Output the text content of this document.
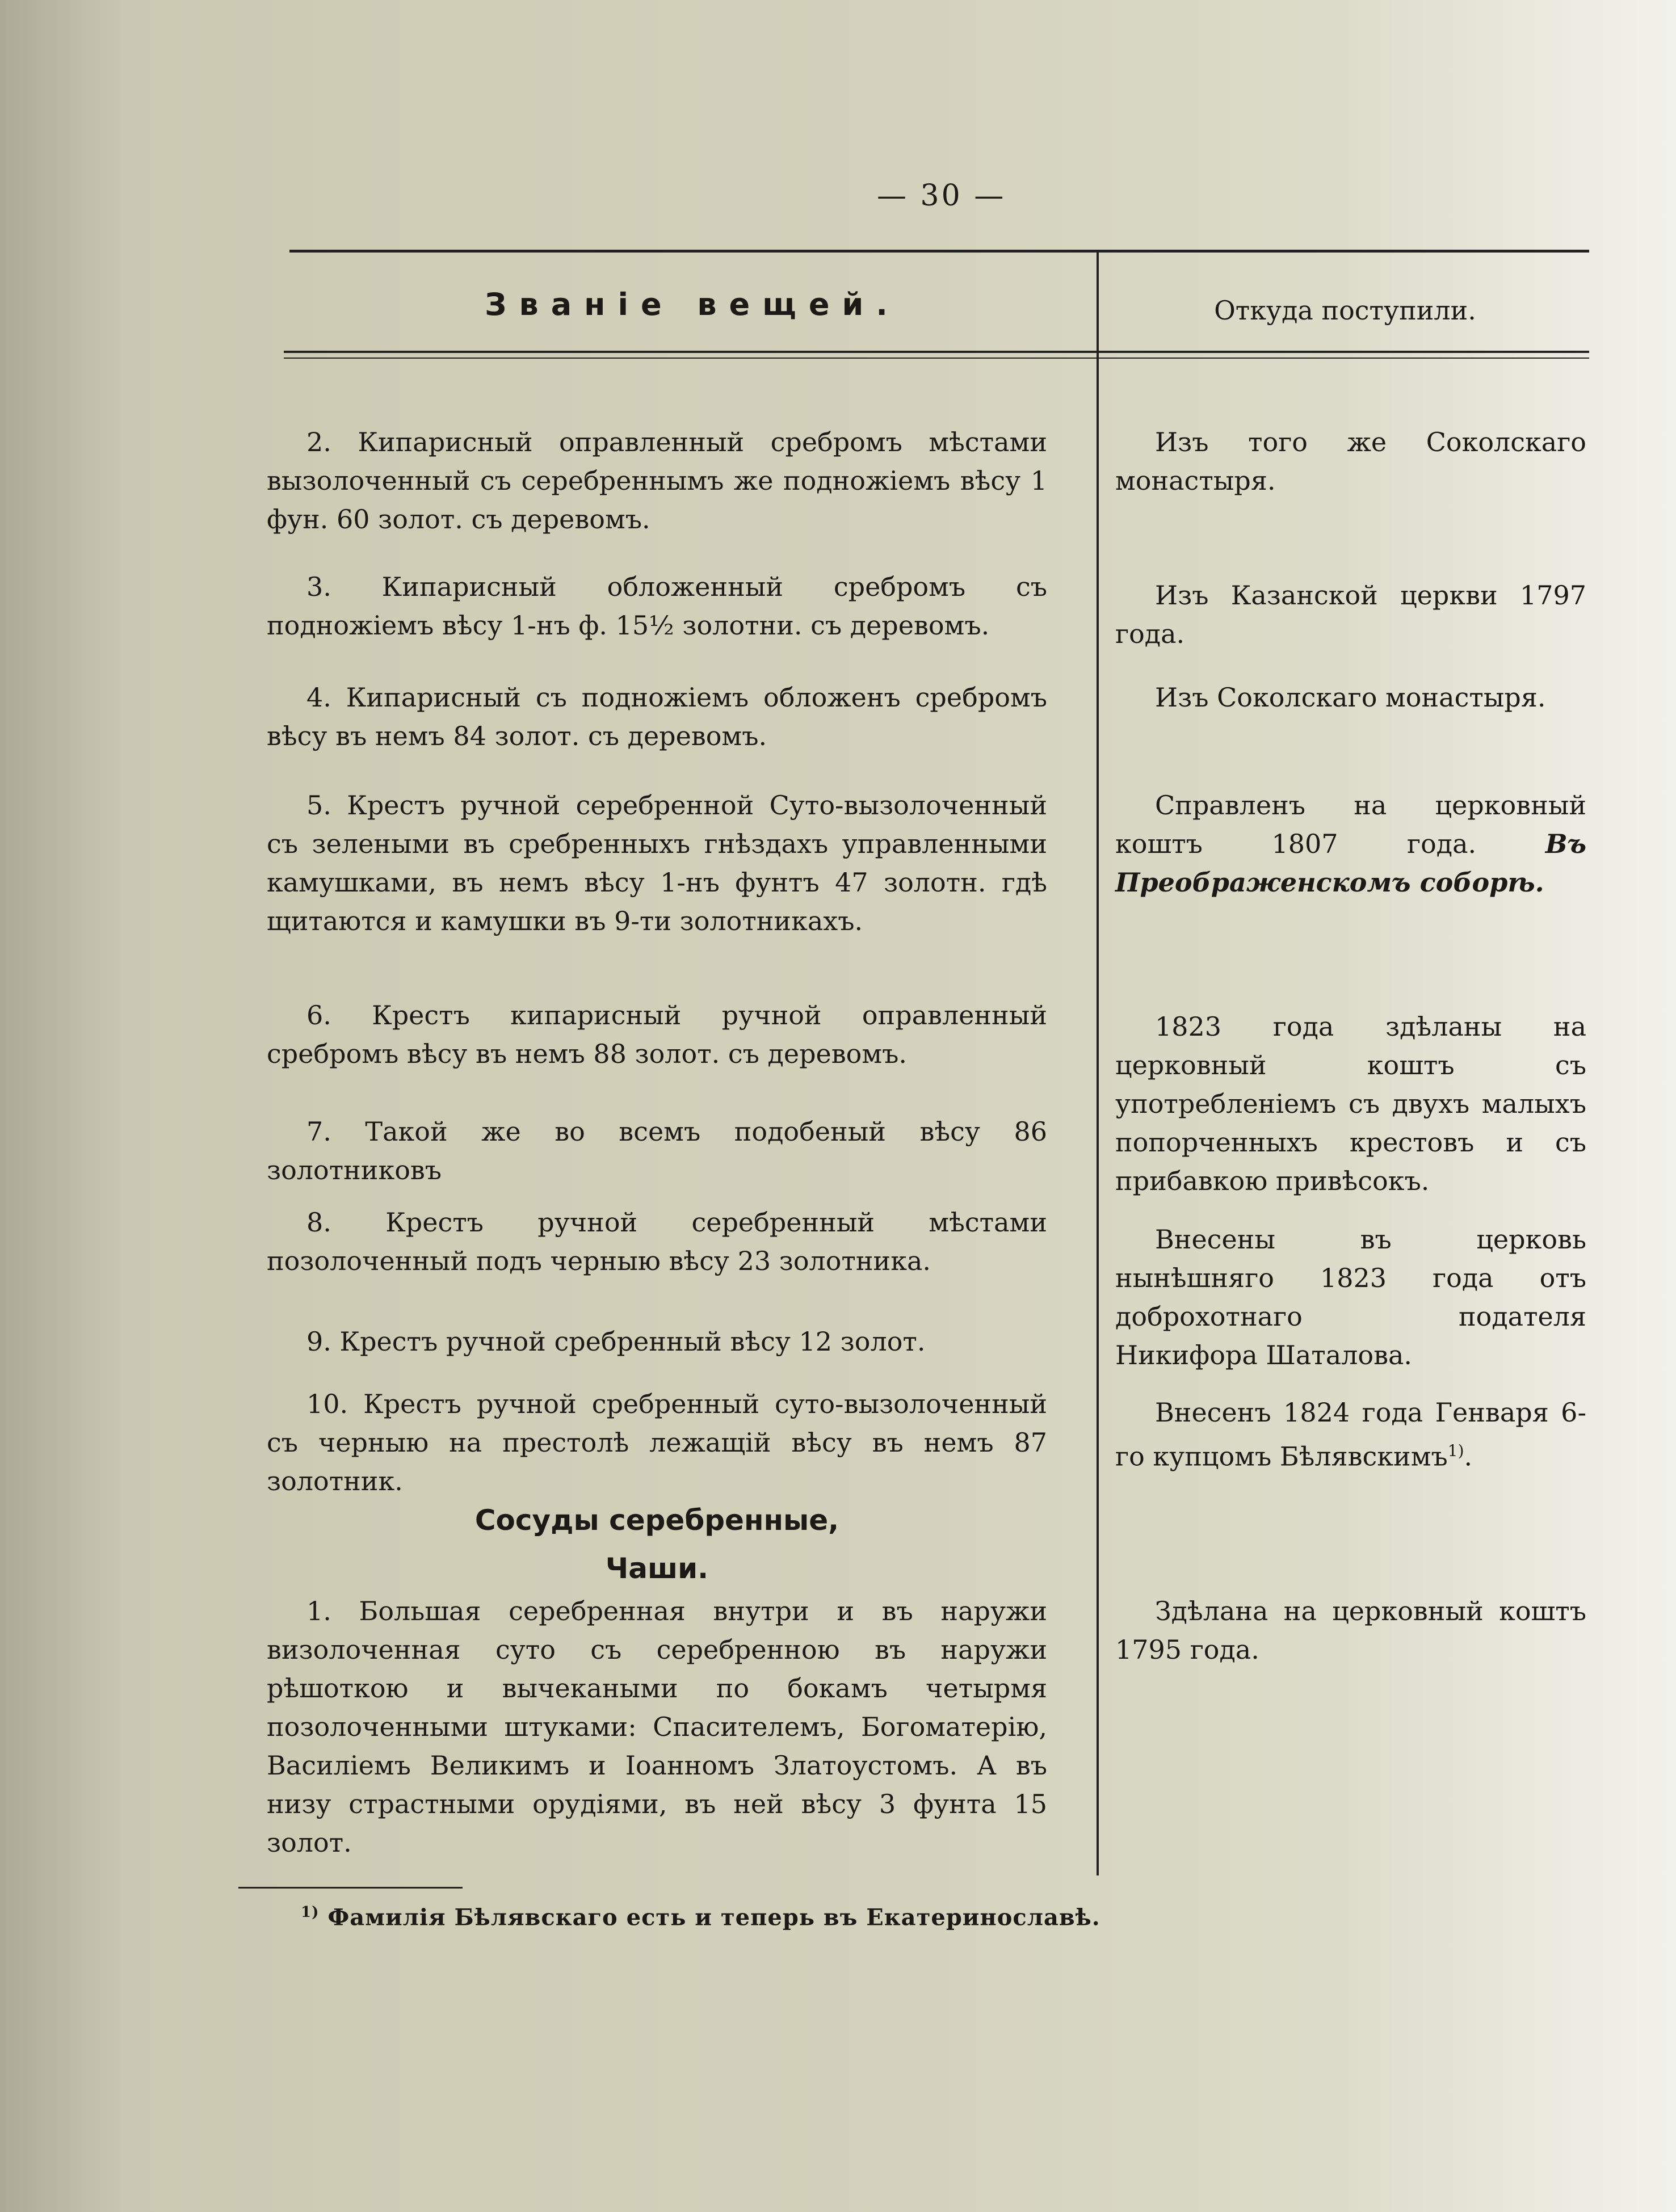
— 30 —
Званіе вещей.	Откуда поступили.

2. Кипарисный оправленный сребромъ мѣстами вызолоченный съ серебреннымъ же подножіемъ вѣсу 1 фун. 60 золот. съ деревомъ.

3. Кипарисный обложенный сребромъ съ подножіемъ вѣсу 1-нъ ф. 15½ золотни. съ деревомъ.

4. Кипарисный съ подножіемъ обложенъ сребромъ вѣсу въ немъ 84 золот. съ деревомъ.

5. Крестъ ручной серебренной Суто-вызолоченный съ зелеными въ сребренныхъ гнѣздахъ управленными камушками, въ немъ вѣсу 1-нъ фунтъ 47 золотн. гдѣ щитаются и камушки въ 9-ти золотникахъ.

6. Крестъ кипарисный ручной оправленный сребромъ вѣсу въ немъ 88 золот. съ деревомъ.

7. Такой же во всемъ подобеный вѣсу 86 золотниковъ

8. Крестъ ручной серебренный мѣстами позолоченный подъ черныю вѣсу 23 золотника.

9. Крестъ ручной сребренный вѣсу 12 золот.

10. Крестъ ручной сребренный суто-вызолоченный съ черныю на престолѣ лежащій вѣсу въ немъ 87 золотник.

Сосуды серебренные,
Чаши.

1. Большая серебренная внутри и въ наружи визолоченная суто съ серебренною въ наружи рѣшоткою и вычекаными по бокамъ четырмя позолоченными штуками: Спасителемъ, Богоматерію, Василіемъ Великимъ и Іоанномъ Златоустомъ. А въ низу страстными орудіями, въ ней вѣсу 3 фунта 15 золот.

Изъ того же Соколскаго монастыря.

Изъ Казанской церкви 1797 года.

Изъ Соколскаго монастыря.

Справленъ на церковный коштъ 1807 года.	Въ Преображенскомъ соборѣ.

1823 года здѣланы на церковный коштъ съ употребленіемъ съ двухъ малыхъ попорченныхъ крестовъ и съ прибавкою привѣсокъ.

Внесены въ церковь нынѣшняго 1823 года отъ доброхотнаго подателя Никифора Шаталова.

Внесенъ 1824 года Генваря 6-го купцомъ Бѣлявскимъ$^{1)}$.

Здѣлана на церковный коштъ 1795 года.

$^{1)}$ Фамилія Бѣлявскаго есть и теперь въ Екатеринославѣ.
